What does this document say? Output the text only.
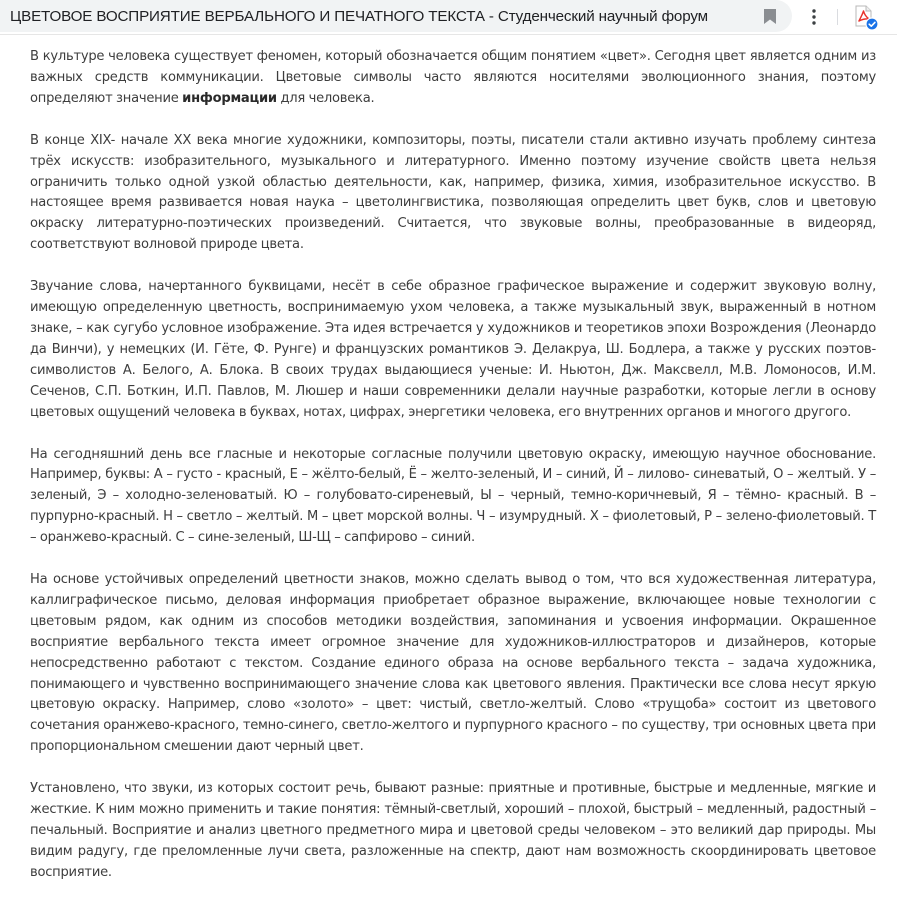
ЦВЕТОВОЕ ВОСПРИЯТИЕ ВЕРБАЛЬНОГО И ПЕЧАТНОГО ТЕКСТА - Студенческий научный форум

В культуре человека существует феномен, который обозначается общим понятием «цвет». Сегодня цвет является одним из важных средств коммуникации. Цветовые символы часто являются носителями эволюционного знания, поэтому определяют значение информации для человека.

В конце XIX- начале XX века многие художники, композиторы, поэты, писатели стали активно изучать проблему синтеза трёх искусств: изобразительного, музыкального и литературного. Именно поэтому изучение свойств цвета нельзя ограничить только одной узкой областью деятельности, как, например, физика, химия, изобразительное искусство. В настоящее время развивается новая наука – цветолингвистика, позволяющая определить цвет букв, слов и цветовую окраску литературно-поэтических произведений. Считается, что звуковые волны, преобразованные в видеоряд, соответствуют волновой природе цвета.

Звучание слова, начертанного буквицами, несёт в себе образное графическое выражение и содержит звуковую волну, имеющую определенную цветность, воспринимаемую ухом человека, а также музыкальный звук, выраженный в нотном знаке, – как сугубо условное изображение. Эта идея встречается у художников и теоретиков эпохи Возрождения (Леонардо да Винчи), у немецких (И. Гёте, Ф. Рунге) и французских романтиков Э. Делакруа, Ш. Бодлера, а также у русских поэтов-символистов А. Белого, А. Блока. В своих трудах выдающиеся ученые: И. Ньютон, Дж. Максвелл, М.В. Ломоносов, И.М. Сеченов, С.П. Боткин, И.П. Павлов, М. Люшер и наши современники делали научные разработки, которые легли в основу цветовых ощущений человека в буквах, нотах, цифрах, энергетики человека, его внутренних органов и многого другого.

На сегодняшний день все гласные и некоторые согласные получили цветовую окраску, имеющую научное обоснование. Например, буквы: А – густо - красный, Е – жёлто-белый, Ё – желто-зеленый, И – синий, Й – лилово- синеватый, О – желтый. У – зеленый, Э – холодно-зеленоватый. Ю – голубовато-сиреневый, Ы – черный, темно-коричневый, Я – тёмно- красный. В – пурпурно-красный. Н – светло – желтый. М – цвет морской волны. Ч – изумрудный. Х – фиолетовый, Р – зелено-фиолетовый. Т – оранжево-красный. С – сине-зеленый, Ш-Щ – сапфирово – синий.

На основе устойчивых определений цветности знаков, можно сделать вывод о том, что вся художественная литература, каллиграфическое письмо, деловая информация приобретает образное выражение, включающее новые технологии с цветовым рядом, как одним из способов методики воздействия, запоминания и усвоения информации. Окрашенное восприятие вербального текста имеет огромное значение для художников-иллюстраторов и дизайнеров, которые непосредственно работают с текстом. Создание единого образа на основе вербального текста – задача художника, понимающего и чувственно воспринимающего значение слова как цветового явления. Практически все слова несут яркую цветовую окраску. Например, слово «золото» – цвет: чистый, светло-желтый. Слово «трущоба» состоит из цветового сочетания оранжево-красного, темно-синего, светло-желтого и пурпурного красного – по существу, три основных цвета при пропорциональном смешении дают черный цвет.

Установлено, что звуки, из которых состоит речь, бывают разные: приятные и противные, быстрые и медленные, мягкие и жесткие. К ним можно применить и такие понятия: тёмный-светлый, хороший – плохой, быстрый – медленный, радостный – печальный. Восприятие и анализ цветного предметного мира и цветовой среды человеком – это великий дар природы. Мы видим радугу, где преломленные лучи света, разложенные на спектр, дают нам возможность скоординировать цветовое восприятие.
